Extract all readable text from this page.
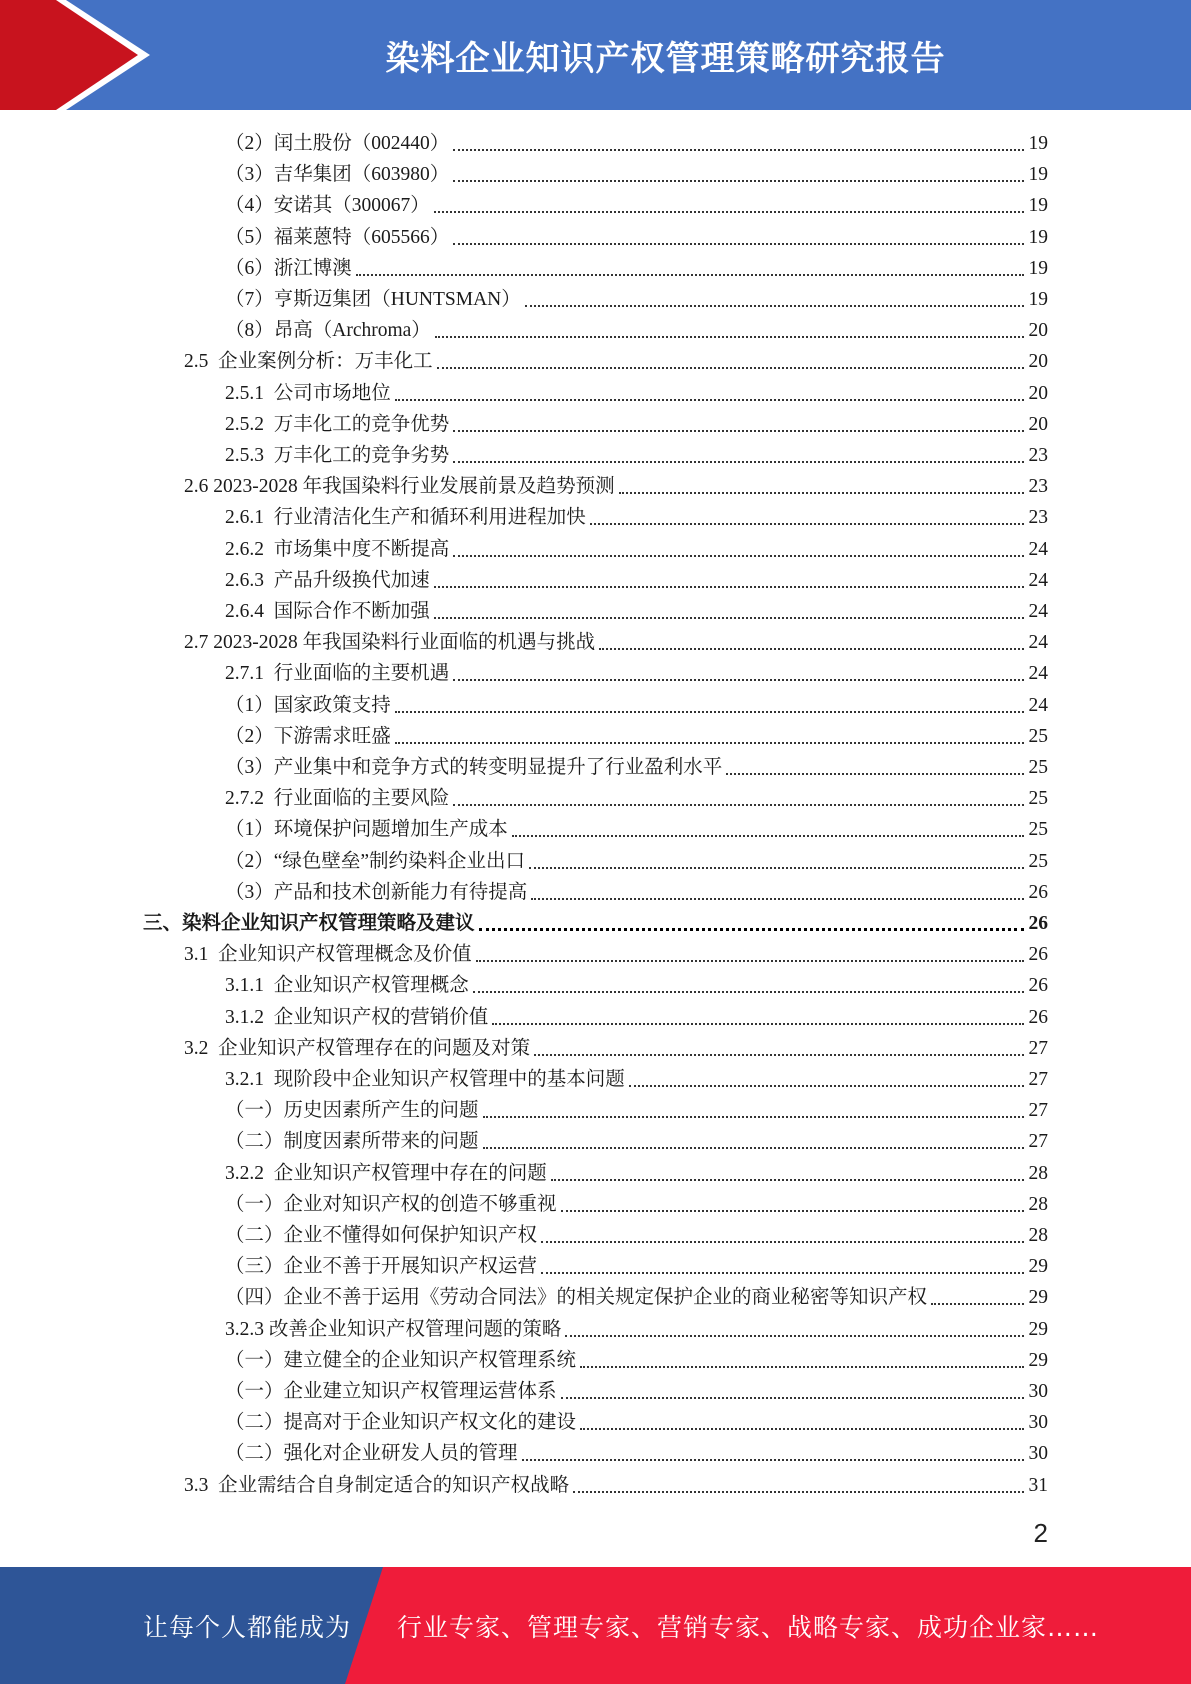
染料企业知识产权管理策略研究报告
（2）闰土股份（002440）	19
（3）吉华集团（603980）	19
（4）安诺其（300067）	19
（5）福莱蒽特（605566）	19
（6）浙江博澳	19
（7）亨斯迈集团（HUNTSMAN）	19
（8）昂高（Archroma）	20
2.5  企业案例分析：万丰化工	20
2.5.1  公司市场地位	20
2.5.2  万丰化工的竞争优势	20
2.5.3  万丰化工的竞争劣势	23
2.6 2023-2028 年我国染料行业发展前景及趋势预测	23
2.6.1  行业清洁化生产和循环利用进程加快	23
2.6.2  市场集中度不断提高	24
2.6.3  产品升级换代加速	24
2.6.4  国际合作不断加强	24
2.7 2023-2028 年我国染料行业面临的机遇与挑战	24
2.7.1  行业面临的主要机遇	24
（1）国家政策支持	24
（2）下游需求旺盛	25
（3）产业集中和竞争方式的转变明显提升了行业盈利水平	25
2.7.2  行业面临的主要风险	25
（1）环境保护问题增加生产成本	25
（2）“绿色壁垒”制约染料企业出口	25
（3）产品和技术创新能力有待提高	26
三、染料企业知识产权管理策略及建议	26
3.1  企业知识产权管理概念及价值	26
3.1.1  企业知识产权管理概念	26
3.1.2  企业知识产权的营销价值	26
3.2  企业知识产权管理存在的问题及对策	27
3.2.1  现阶段中企业知识产权管理中的基本问题	27
（一）历史因素所产生的问题	27
（二）制度因素所带来的问题	27
3.2.2  企业知识产权管理中存在的问题	28
（一）企业对知识产权的创造不够重视	28
（二）企业不懂得如何保护知识产权	28
（三）企业不善于开展知识产权运营	29
（四）企业不善于运用《劳动合同法》的相关规定保护企业的商业秘密等知识产权	29
3.2.3 改善企业知识产权管理问题的策略	29
（一）建立健全的企业知识产权管理系统	29
（一）企业建立知识产权管理运营体系	30
（二）提高对于企业知识产权文化的建设	30
（二）强化对企业研发人员的管理	30
3.3  企业需结合自身制定适合的知识产权战略	31
2
让每个人都能成为 行业专家、管理专家、营销专家、战略专家、成功企业家……
